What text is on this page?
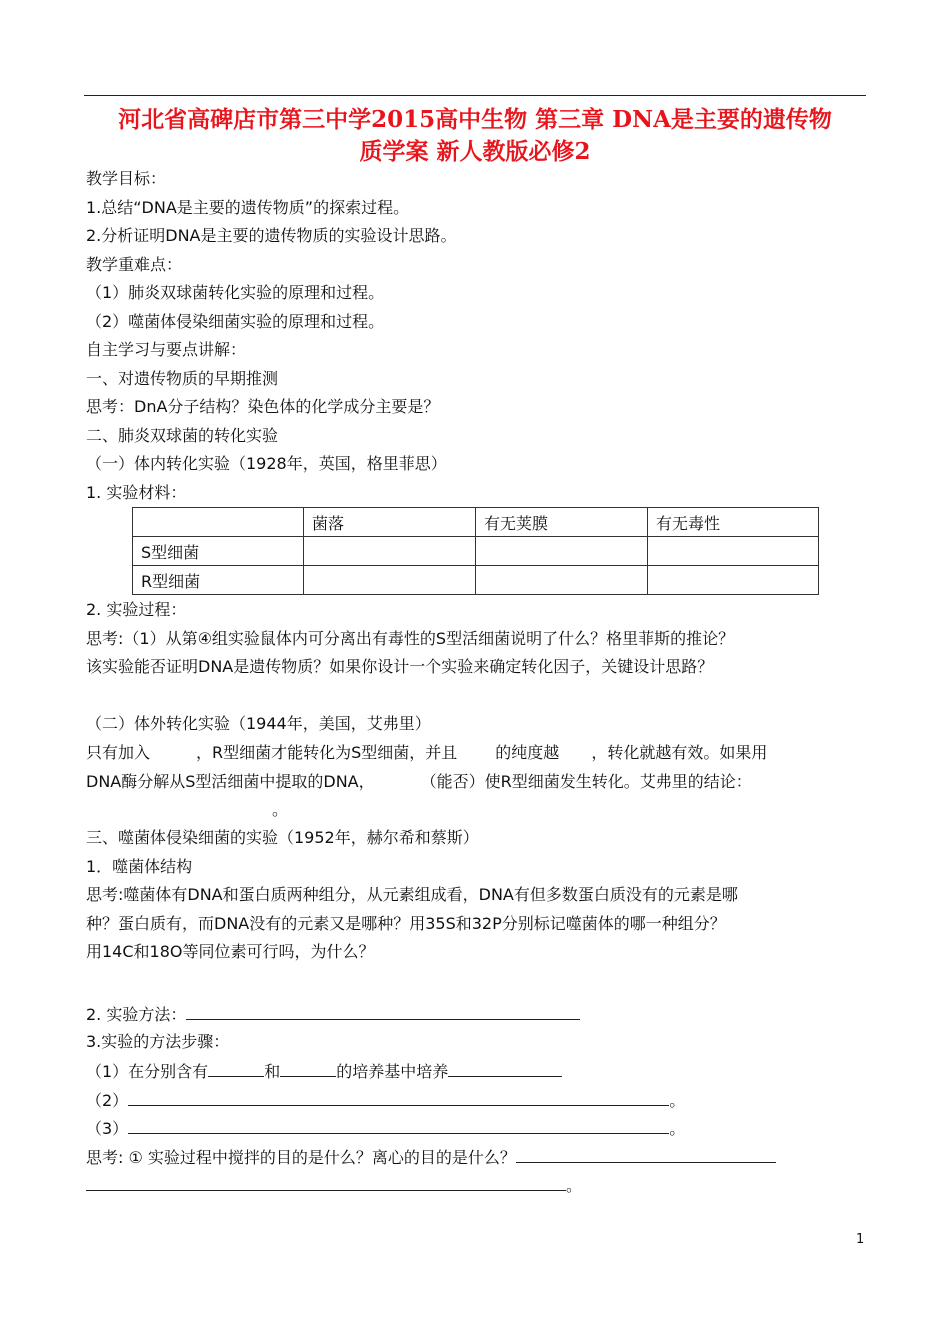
河北省高碑店市第三中学2015高中生物 第三章 DNA是主要的遗传物
质学案 新人教版必修2
教学目标：
1.总结“DNA是主要的遗传物质”的探索过程。
2.分析证明DNA是主要的遗传物质的实验设计思路。
教学重难点：
（1）肺炎双球菌转化实验的原理和过程。
（2）噬菌体侵染细菌实验的原理和过程。
自主学习与要点讲解：
一、对遗传物质的早期推测
思考：DnA分子结构？染色体的化学成分主要是？
二、肺炎双球菌的转化实验
（一）体内转化实验（1928年，英国，格里菲思）
1. 实验材料：
	菌落	有无荚膜	有无毒性
S型细菌			
R型细菌			
2. 实验过程：
思考:（1）从第④组实验鼠体内可分离出有毒性的S型活细菌说明了什么？格里菲斯的推论？
该实验能否证明DNA是遗传物质？如果你设计一个实验来确定转化因子，关键设计思路？
（二）体外转化实验（1944年，美国，艾弗里）
只有加入	，R型细菌才能转化为S型细菌，并且 的纯度越 ，转化就越有效。如果用
DNA酶分解从S型活细菌中提取的DNA，	（能否）使R型细菌发生转化。艾弗里的结论：
。
三、噬菌体侵染细菌的实验（1952年，赫尔希和蔡斯）
1．噬菌体结构
思考:噬菌体有DNA和蛋白质两种组分，从元素组成看，DNA有但多数蛋白质没有的元素是哪
种？蛋白质有，而DNA没有的元素又是哪种？用35S和32P分别标记噬菌体的哪一种组分？
用14C和18O等同位素可行吗，为什么？
2. 实验方法：
3.实验的方法步骤：
（1）在分别含有	和	的培养基中培养
（2）	。
（3）	。
思考: ① 实验过程中搅拌的目的是什么？离心的目的是什么？
。
1
